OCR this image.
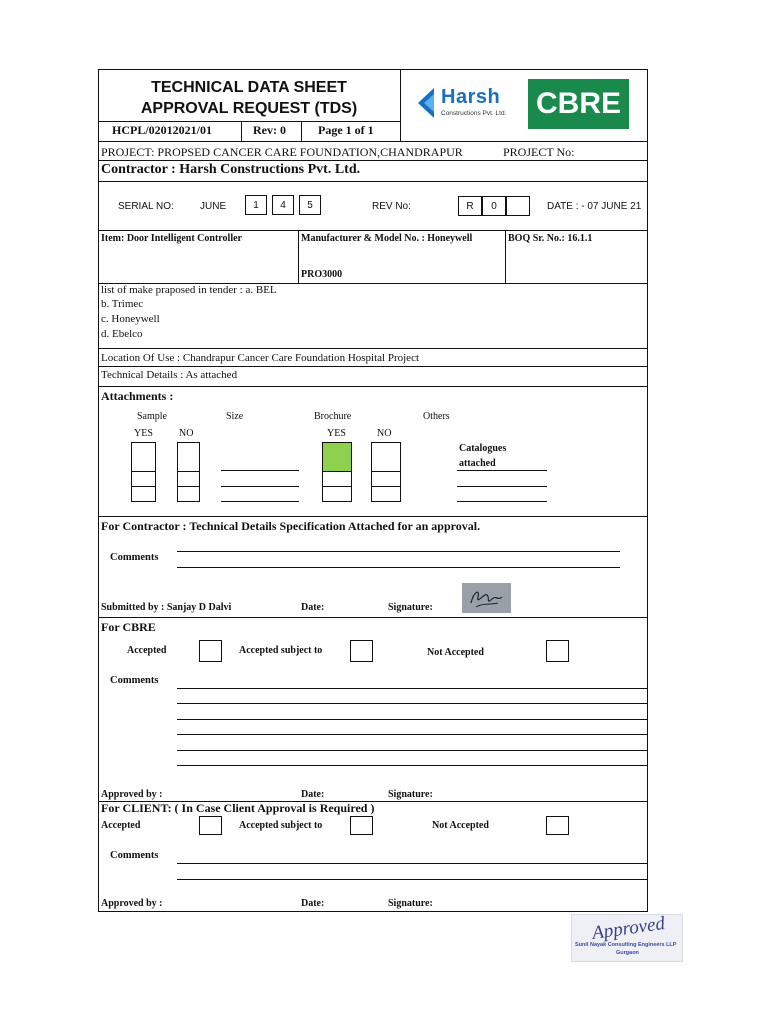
TECHNICAL DATA SHEET
APPROVAL REQUEST (TDS)
HCPL/02012021/01	Rev: 0	Page 1 of 1
Harsh
Constructions Pvt. Ltd. CBRE
PROJECT: PROPSED CANCER CARE FOUNDATION,CHANDRAPUR	PROJECT No:
Contractor : Harsh Constructions Pvt. Ltd.
SERIAL NO:	JUNE	1	4	5	REV No:	R	0	DATE : - 07 JUNE 21
Item: Door Intelligent Controller	Manufacturer & Model No. : Honeywell
PRO3000
BOQ Sr. No.: 16.1.1
list of make praposed in tender : a. BEL
b. Trimec
c. Honeywell
d. Ebelco
Location Of Use : Chandrapur Cancer Care Foundation Hospital Project
Technical Details : As attached
Attachments :
Sample	Size	Brochure	Others
YES	NO	YES	NO
Catalogues
attached
For Contractor : Technical Details Specification Attached for an approval.
Comments
Submitted by : Sanjay D Dalvi	Date:	Signature:
For CBRE
Accepted	Accepted subject to	Not Accepted
Comments
Approved by :	Date:	Signature:
For CLIENT: ( In Case Client Approval is Required )
Accepted	Accepted subject to	Not Accepted
Comments
Approved by :	Date:	Signature:
Approved
Sunil Nayak Consulting Engineers LLP
Gurgaon
